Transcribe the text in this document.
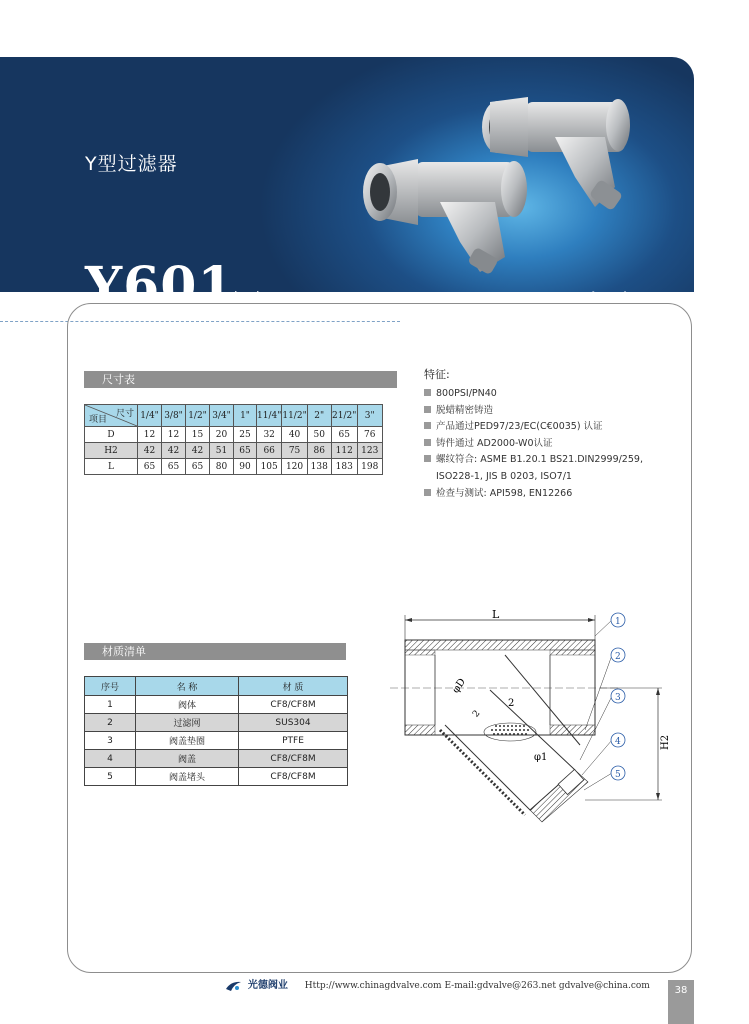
Y型过滤器
Y601	(Y611)
尺寸表
尺寸
项目	1/4"	3/8"	1/2"	3/4"	1"	11/4"	11/2"	2"	21/2"	3"
D	12	12	15	20	25	32	40	50	65	76
H2	42	42	42	51	65	66	75	86	112	123
L	65	65	65	80	90	105	120	138	183	198
特征:
800PSI/PN40
脱蜡精密铸造
产品通过PED97/23/EC(C€0035) 认证
铸件通过 AD2000-W0认证
螺纹符合: ASME B1.20.1 BS21.DIN2999/259,
ISO228-1, JIS B 0203, ISO7/1
检查与测试: API598, EN12266
材质清单
序号	名 称	材 质
1	阀体	CF8/CF8M
2	过滤网	SUS304
3	阀盖垫圈	PTFE
4	阀盖	CF8/CF8M
5	阀盖堵头	CF8/CF8M
L
φD
2
2
φ1
H2
1
2
3
4
5
光德阀业 Http://www.chinagdvalve.com E-mail:gdvalve@263.net gdvalve@china.com	38
